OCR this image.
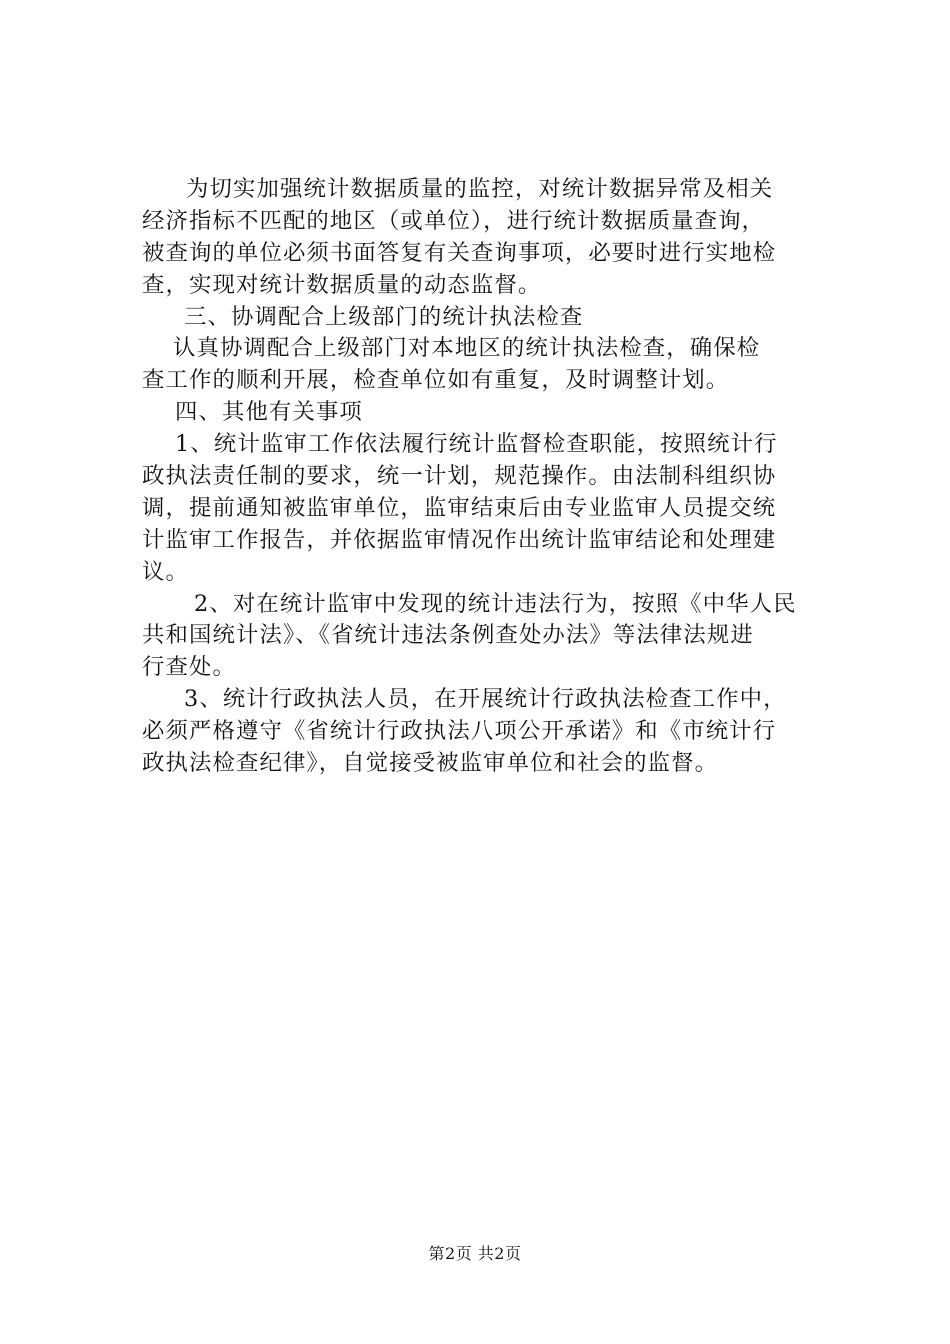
为切实加强统计数据质量的监控，对统计数据异常及相关
经济指标不匹配的地区（或单位），进行统计数据质量查询，
被查询的单位必须书面答复有关查询事项，必要时进行实地检
查，实现对统计数据质量的动态监督。
三、协调配合上级部门的统计执法检查
认真协调配合上级部门对本地区的统计执法检查，确保检
查工作的顺利开展，检查单位如有重复，及时调整计划。
四、其他有关事项
1、统计监审工作依法履行统计监督检查职能，按照统计行
政执法责任制的要求，统一计划，规范操作。由法制科组织协
调，提前通知被监审单位，监审结束后由专业监审人员提交统
计监审工作报告，并依据监审情况作出统计监审结论和处理建
议。
2、对在统计监审中发现的统计违法行为，按照《中华人民
共和国统计法》、《省统计违法条例查处办法》等法律法规进
行查处。
3、统计行政执法人员，在开展统计行政执法检查工作中，
必须严格遵守《省统计行政执法八项公开承诺》和《市统计行
政执法检查纪律》，自觉接受被监审单位和社会的监督。
第2页 共2页
